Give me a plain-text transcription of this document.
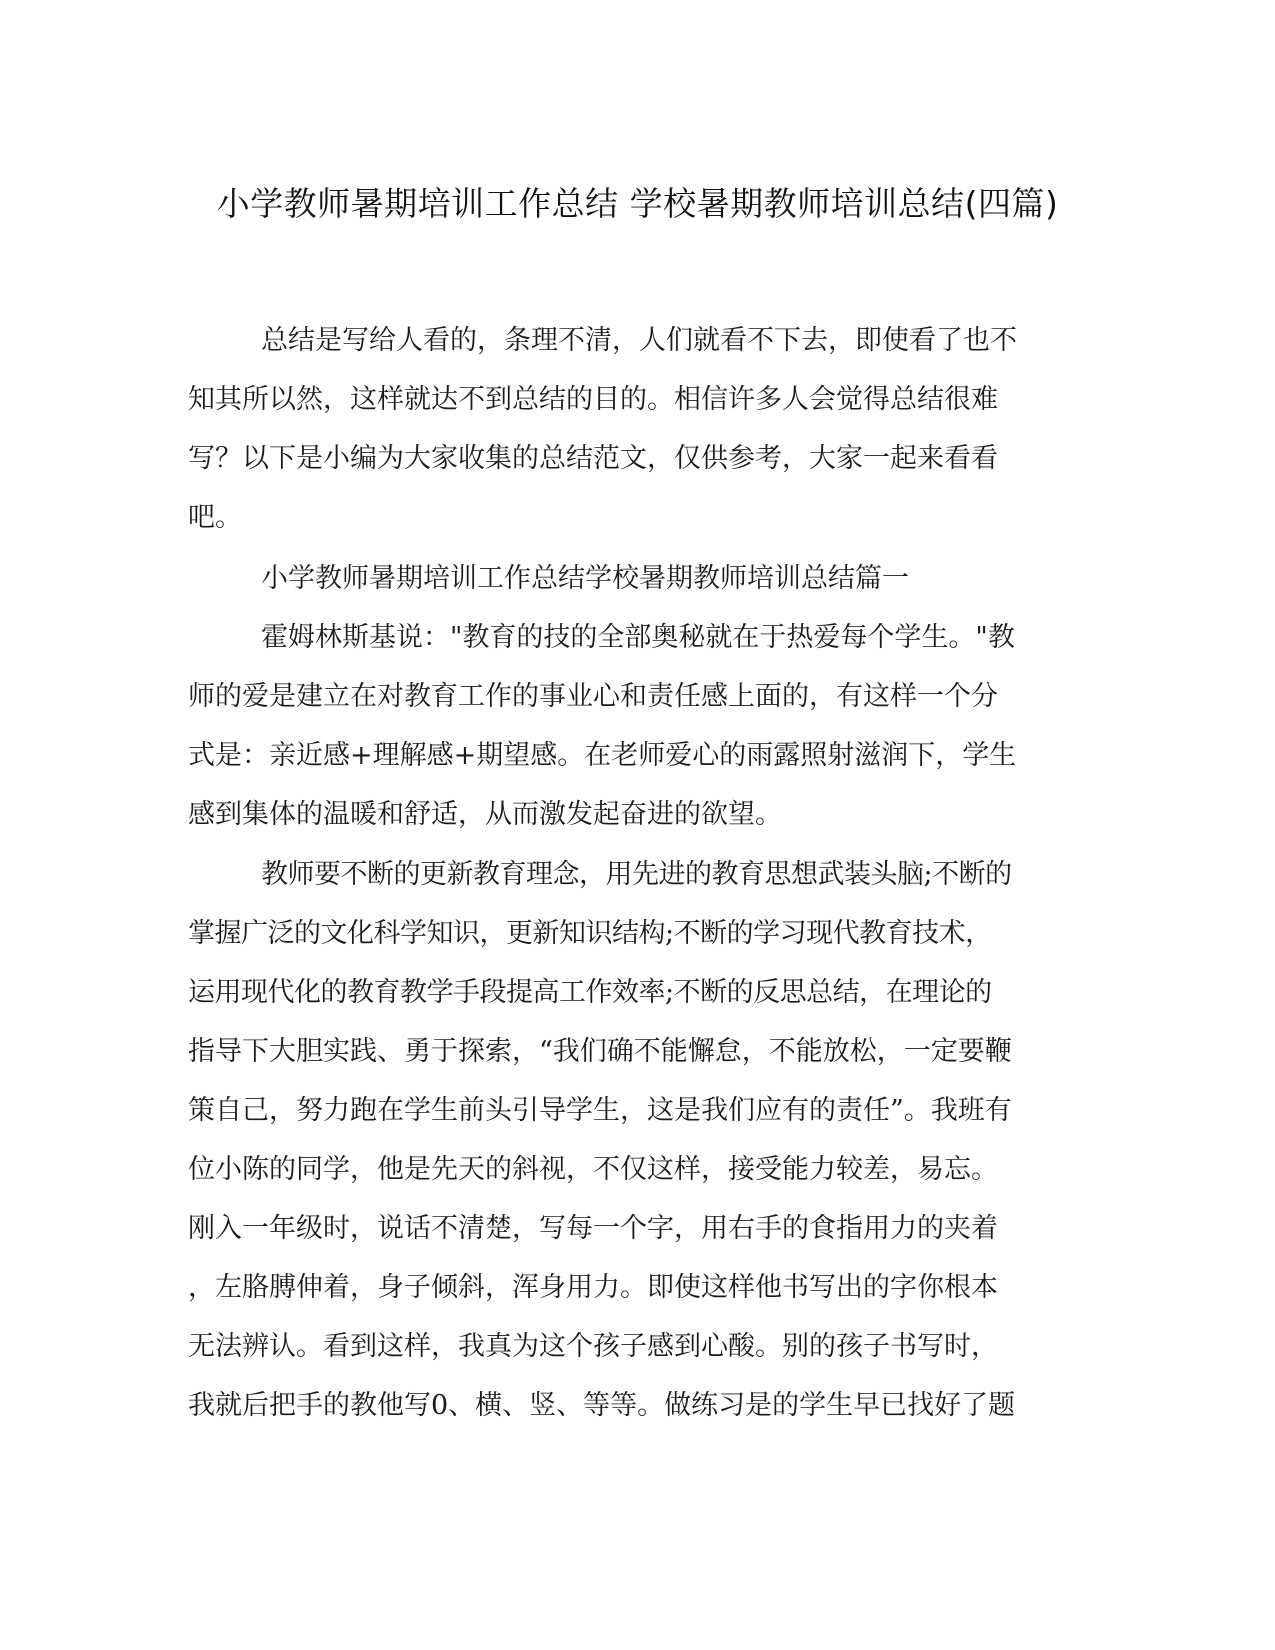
小学教师暑期培训工作总结 学校暑期教师培训总结(四篇)
总结是写给人看的，条理不清，人们就看不下去，即使看了也不
知其所以然，这样就达不到总结的目的。相信许多人会觉得总结很难
写？以下是小编为大家收集的总结范文，仅供参考，大家一起来看看
吧。
小学教师暑期培训工作总结学校暑期教师培训总结篇一
霍姆林斯基说："教育的技的全部奥秘就在于热爱每个学生。"教
师的爱是建立在对教育工作的事业心和责任感上面的，有这样一个分
式是：亲近感+理解感+期望感。在老师爱心的雨露照射滋润下，学生
感到集体的温暖和舒适，从而激发起奋进的欲望。
教师要不断的更新教育理念，用先进的教育思想武装头脑;不断的
掌握广泛的文化科学知识，更新知识结构;不断的学习现代教育技术，
运用现代化的教育教学手段提高工作效率;不断的反思总结，在理论的
指导下大胆实践、勇于探索，“我们确不能懈怠，不能放松，一定要鞭
策自己，努力跑在学生前头引导学生，这是我们应有的责任”。我班有
位小陈的同学，他是先天的斜视，不仅这样，接受能力较差，易忘。
刚入一年级时，说话不清楚，写每一个字，用右手的食指用力的夹着
，左胳膊伸着，身子倾斜，浑身用力。即使这样他书写出的字你根本
无法辨认。看到这样，我真为这个孩子感到心酸。别的孩子书写时，
我就后把手的教他写0、横、竖、等等。做练习是的学生早已找好了题
